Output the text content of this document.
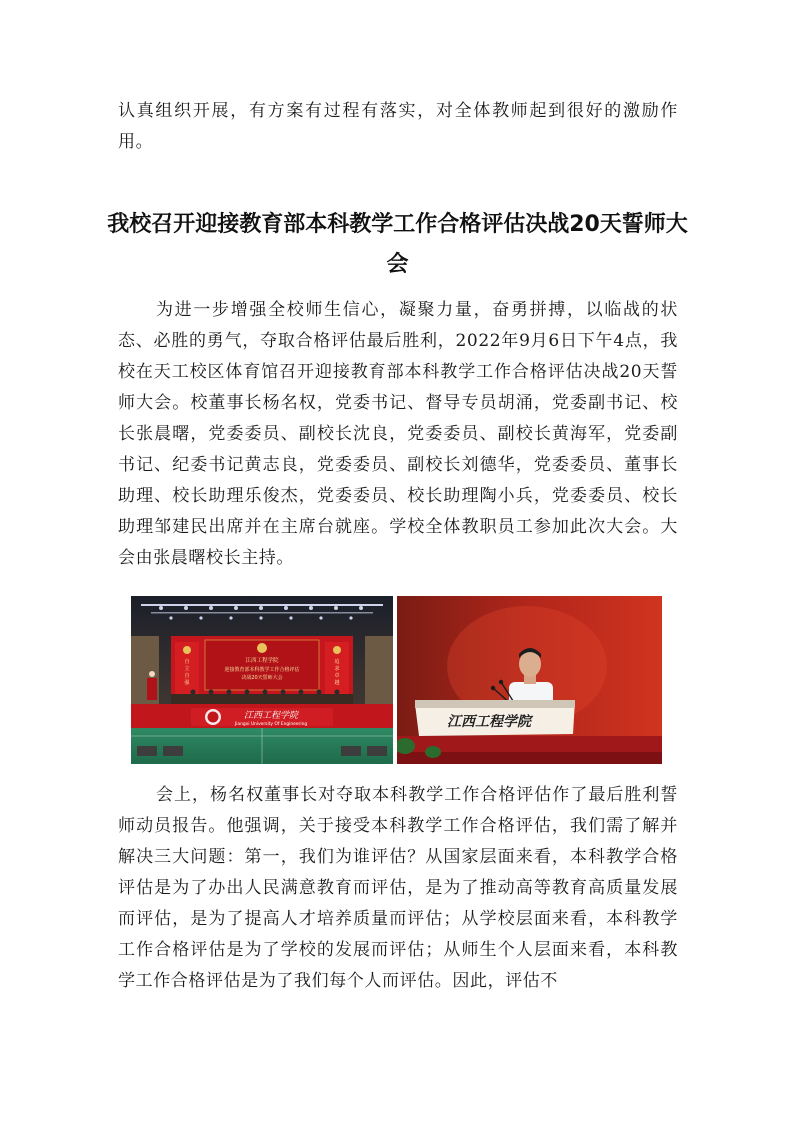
认真组织开展，有方案有过程有落实，对全体教师起到很好的激励作用。

我校召开迎接教育部本科教学工作合格评估决战20天誓师大会

为进一步增强全校师生信心，凝聚力量，奋勇拼搏，以临战的状态、必胜的勇气，夺取合格评估最后胜利，2022年9月6日下午4点，我校在天工校区体育馆召开迎接教育部本科教学工作合格评估决战20天誓师大会。校董事长杨名权，党委书记、督导专员胡涌，党委副书记、校长张晨曙，党委委员、副校长沈良，党委委员、副校长黄海军，党委副书记、纪委书记黄志良，党委委员、副校长刘德华，党委委员、董事长助理、校长助理乐俊杰，党委委员、校长助理陶小兵，党委委员、校长助理邹建民出席并在主席台就座。学校全体教职员工参加此次大会。大会由张晨曙校长主持。

江西工程学院
迎接教育部本科教学工作合格评估
决战20天誓师大会
自
立
自
强
追
求
卓
越
江西工程学院
Jiangxi University Of Engineering	江西工程学院

会上，杨名权董事长对夺取本科教学工作合格评估作了最后胜利誓师动员报告。他强调，关于接受本科教学工作合格评估，我们需了解并解决三大问题：第一，我们为谁评估？从国家层面来看，本科教学合格评估是为了办出人民满意教育而评估，是为了推动高等教育高质量发展而评估，是为了提高人才培养质量而评估；从学校层面来看，本科教学工作合格评估是为了学校的发展而评估；从师生个人层面来看，本科教学工作合格评估是为了我们每个人而评估。因此，评估不
